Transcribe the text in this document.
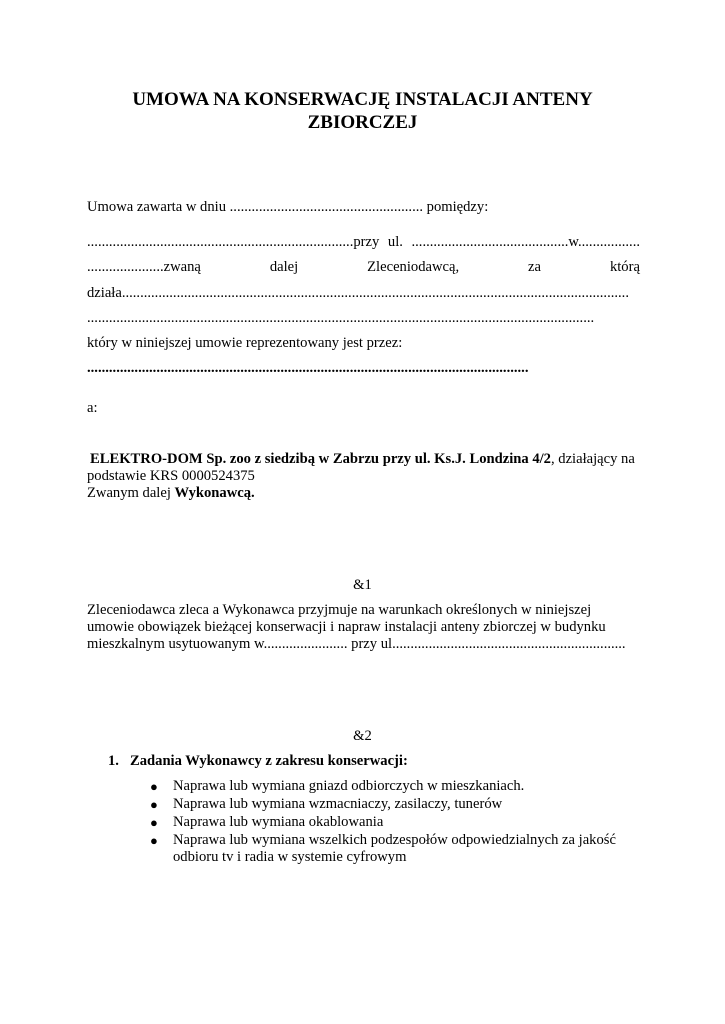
UMOWA NA KONSERWACJĘ INSTALACJI ANTENY
ZBIORCZEJ
Umowa zawarta w dniu ..................................................... pomiędzy:
.........................................................................przy ul. ...........................................w.................
.....................zwaną	dalej	Zleceniodawcą,	za	którą
działa...........................................................................................................................................
...........................................................................................................................................
który w niniejszej umowie reprezentowany jest przez:
.........................................................................................................................
a:
ELEKTRO-DOM Sp. zoo z siedzibą w Zabrzu przy ul. Ks.J. Londzina 4/2, działający na
podstawie KRS 0000524375
Zwanym dalej Wykonawcą.
&1
Zleceniodawca zleca a Wykonawca przyjmuje na warunkach określonych w niniejszej
umowie obowiązek bieżącej konserwacji i napraw instalacji anteny zbiorczej w budynku
mieszkalnym usytuowanym w....................... przy ul................................................................
&2
1. Zadania Wykonawcy z zakresu konserwacji:
● Naprawa lub wymiana gniazd odbiorczych w mieszkaniach.
● Naprawa lub wymiana wzmacniaczy, zasilaczy, tunerów
● Naprawa lub wymiana okablowania
● Naprawa lub wymiana wszelkich podzespołów odpowiedzialnych za jakość
odbioru tv i radia w systemie cyfrowym
